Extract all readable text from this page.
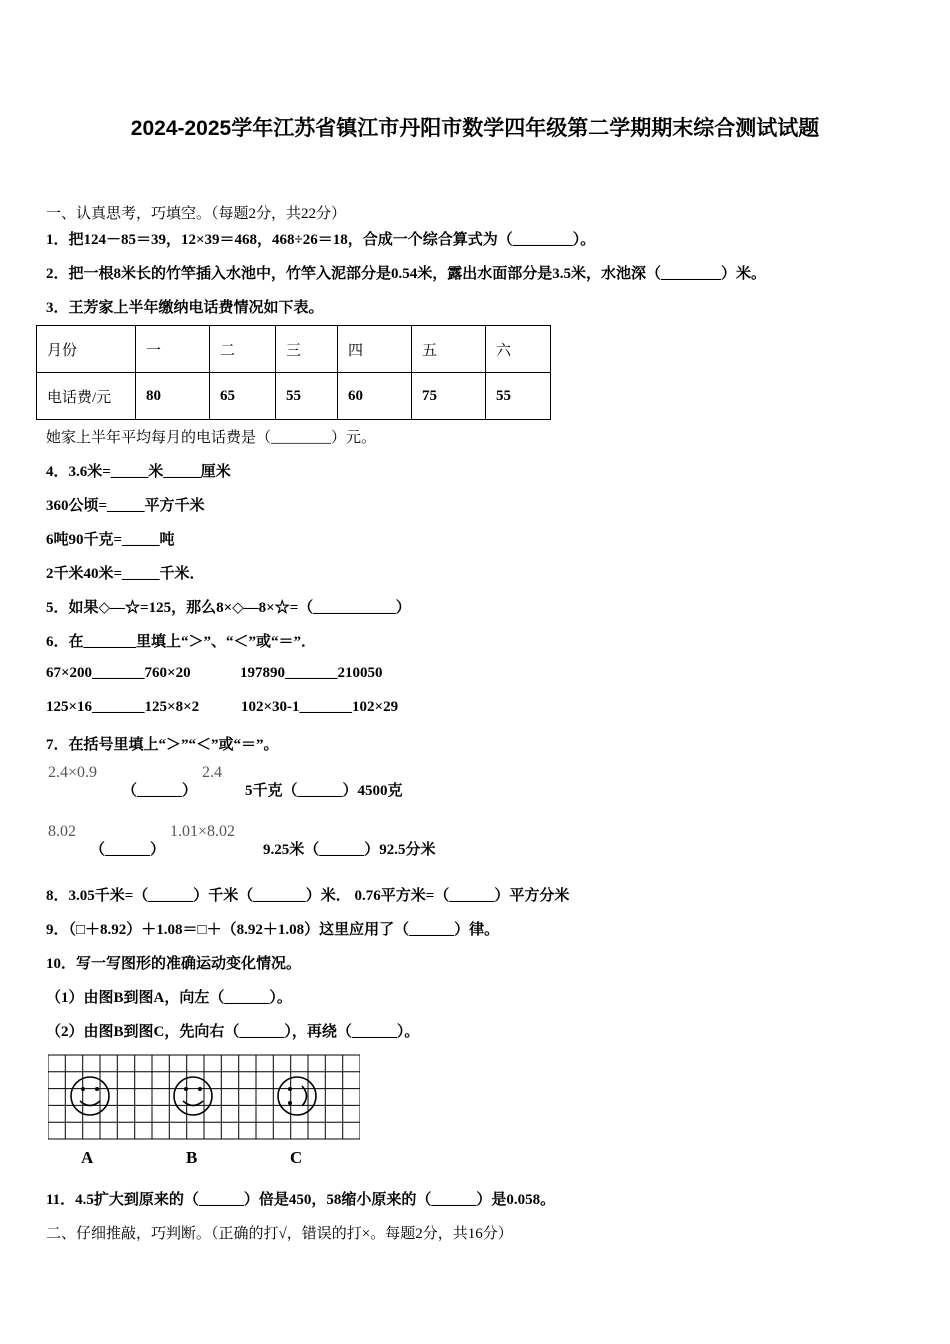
2024-2025学年江苏省镇江市丹阳市数学四年级第二学期期末综合测试试题
一、认真思考，巧填空。（每题2分，共22分）
1．把124－85＝39，12×39＝468，468÷26＝18，合成一个综合算式为（________）。
2．把一根8米长的竹竿插入水池中，竹竿入泥部分是0.54米，露出水面部分是3.5米，水池深（________）米。
3．王芳家上半年缴纳电话费情况如下表。
月份	一	二	三	四	五	六
电话费/元	80	65	55	60	75	55
她家上半年平均每月的电话费是（________）元。
4．3.6米=_____米_____厘米
360公顷=_____平方千米
6吨90千克=_____吨
2千米40米=_____千米．
5．如果◇—☆=125，那么8×◇—8×☆=（___________）
6．在_______里填上“＞”、“＜”或“＝”．
67×200_______760×20	197890_______210050
125×16_______125×8×2	102×30-1_______102×29
7．在括号里填上“＞”“＜”或“＝”。
2.4×0.9
（______）
2.4
5千克（______）4500克
8.02
（______）
1.01×8.02
9.25米（______）92.5分米
8．3.05千米=（______）千米（_______）米． 0.76平方米=（______）平方分米
9．（□＋8.92）＋1.08＝□＋（8.92＋1.08）这里应用了（______）律。
10．写一写图形的准确运动变化情况。
（1）由图B到图A，向左（______）。
（2）由图B到图C，先向右（______），再绕（______）。
A	B	C
11．4.5扩大到原来的（______）倍是450，58缩小原来的（______）是0.058。
二、仔细推敲，巧判断。（正确的打√，错误的打×。每题2分，共16分）
